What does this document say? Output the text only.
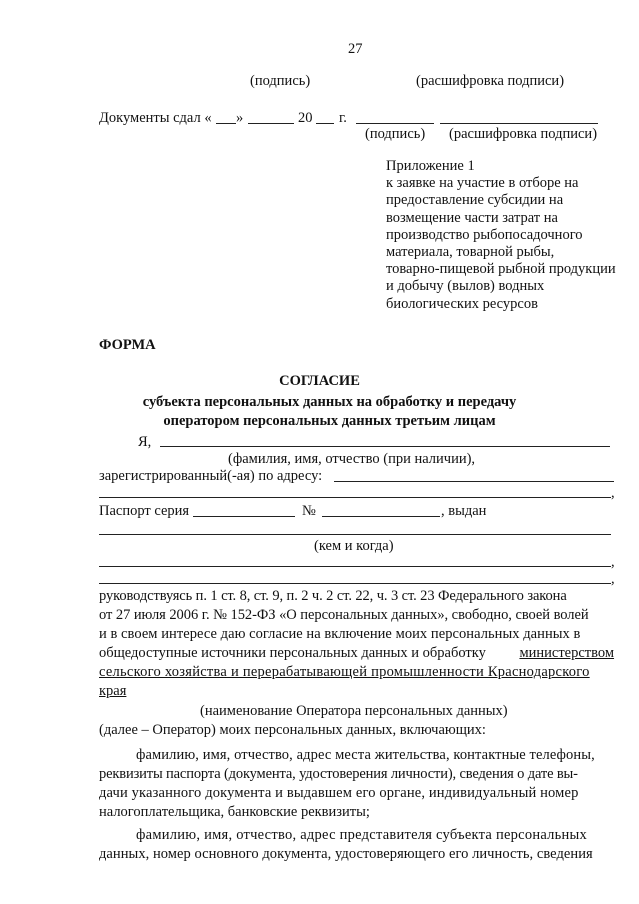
27
(подпись)	(расшифровка подписи)
Документы сдал « »	20 г.
(подпись) (расшифровка подписи)
Приложение 1
к заявке на участие в отборе на
предоставление субсидии на
возмещение части затрат на
производство рыбопосадочного
материала, товарной рыбы,
товарно-пищевой рыбной продукции
и добычу (вылов) водных
биологических ресурсов
ФОРМА
СОГЛАСИЕ
субъекта персональных данных на обработку и передачу
оператором персональных данных третьим лицам
Я,
(фамилия, имя, отчество (при наличии),
зарегистрированный(-ая) по адресу:
,
Паспорт серия	№	, выдан
(кем и когда)
,
,
руководствуясь п. 1 ст. 8, ст. 9, п. 2 ч. 2 ст. 22, ч. 3 ст. 23 Федерального закона
от 27 июля 2006 г. № 152-ФЗ «О персональных данных», свободно, своей волей
и в своем интересе даю согласие на включение моих персональных данных в
общедоступные источники персональных данных и обработку министерством
сельского хозяйства и перерабатывающей промышленности Краснодарского
края
(наименование Оператора персональных данных)
(далее – Оператор) моих персональных данных, включающих:
фамилию, имя, отчество, адрес места жительства, контактные телефоны,
реквизиты паспорта (документа, удостоверения личности), сведения о дате вы-
дачи указанного документа и выдавшем его органе, индивидуальный номер
налогоплательщика, банковские реквизиты;
фамилию, имя, отчество, адрес представителя субъекта персональных
данных, номер основного документа, удостоверяющего его личность, сведения
